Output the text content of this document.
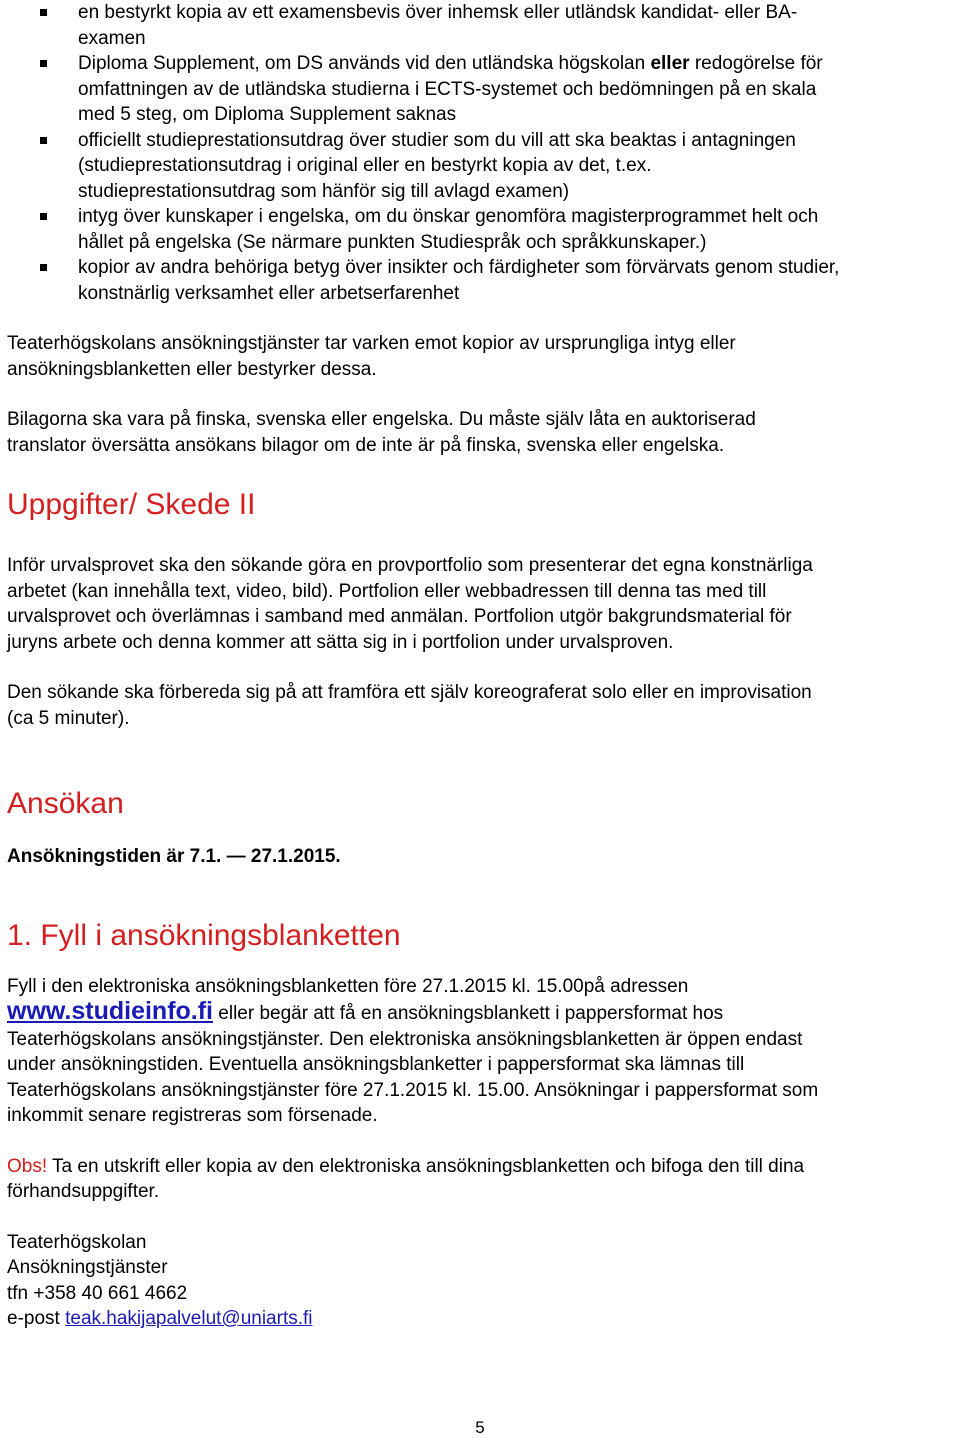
en bestyrkt kopia av ett examensbevis över inhemsk eller utländsk kandidat- eller BA-
examen
Diploma Supplement, om DS används vid den utländska högskolan eller redogörelse för
omfattningen av de utländska studierna i ECTS-systemet och bedömningen på en skala
med 5 steg, om Diploma Supplement saknas
officiellt studieprestationsutdrag över studier som du vill att ska beaktas i antagningen
(studieprestationsutdrag i original eller en bestyrkt kopia av det, t.ex.
studieprestationsutdrag som hänför sig till avlagd examen)
intyg över kunskaper i engelska, om du önskar genomföra magisterprogrammet helt och
hållet på engelska (Se närmare punkten Studiespråk och språkkunskaper.)
kopior av andra behöriga betyg över insikter och färdigheter som förvärvats genom studier,
konstnärlig verksamhet eller arbetserfarenhet

Teaterhögskolans ansökningstjänster tar varken emot kopior av ursprungliga intyg eller
ansökningsblanketten eller bestyrker dessa.

Bilagorna ska vara på finska, svenska eller engelska. Du måste själv låta en auktoriserad
translator översätta ansökans bilagor om de inte är på finska, svenska eller engelska.

Uppgifter/ Skede II

Inför urvalsprovet ska den sökande göra en provportfolio som presenterar det egna konstnärliga
arbetet (kan innehålla text, video, bild). Portfolion eller webbadressen till denna tas med till
urvalsprovet och överlämnas i samband med anmälan. Portfolion utgör bakgrundsmaterial för
juryns arbete och denna kommer att sätta sig in i portfolion under urvalsproven.

Den sökande ska förbereda sig på att framföra ett själv koreograferat solo eller en improvisation
(ca 5 minuter).

Ansökan

Ansökningstiden är 7.1. — 27.1.2015.

1. Fyll i ansökningsblanketten

Fyll i den elektroniska ansökningsblanketten före 27.1.2015 kl. 15.00på adressen
www.studieinfo.fi eller begär att få en ansökningsblankett i pappersformat hos
Teaterhögskolans ansökningstjänster. Den elektroniska ansökningsblanketten är öppen endast
under ansökningstiden. Eventuella ansökningsblanketter i pappersformat ska lämnas till
Teaterhögskolans ansökningstjänster före 27.1.2015 kl. 15.00. Ansökningar i pappersformat som
inkommit senare registreras som försenade.

Obs! Ta en utskrift eller kopia av den elektroniska ansökningsblanketten och bifoga den till dina
förhandsuppgifter.

Teaterhögskolan
Ansökningstjänster
tfn +358 40 661 4662
e-post teak.hakijapalvelut@uniarts.fi

5
